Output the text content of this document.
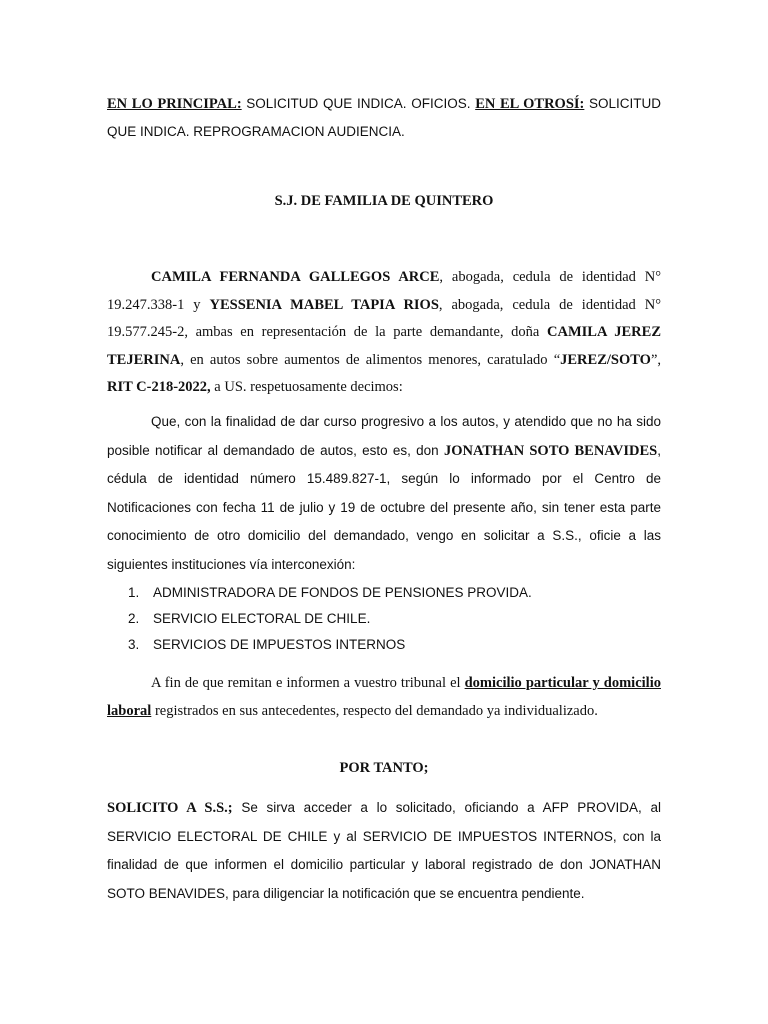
EN LO PRINCIPAL: SOLICITUD QUE INDICA. OFICIOS. EN EL OTROSÍ: SOLICITUD QUE INDICA. REPROGRAMACION AUDIENCIA.

S.J. DE FAMILIA DE QUINTERO

CAMILA FERNANDA GALLEGOS ARCE, abogada, cedula de identidad N° 19.247.338-1 y YESSENIA MABEL TAPIA RIOS, abogada, cedula de identidad N° 19.577.245-2, ambas en representación de la parte demandante, doña CAMILA JEREZ TEJERINA, en autos sobre aumentos de alimentos menores, caratulado “JEREZ/SOTO”, RIT C-218-2022, a US. respetuosamente decimos:

Que, con la finalidad de dar curso progresivo a los autos, y atendido que no ha sido posible notificar al demandado de autos, esto es, don JONATHAN SOTO BENAVIDES, cédula de identidad número 15.489.827-1, según lo informado por el Centro de Notificaciones con fecha 11 de julio y 19 de octubre del presente año, sin tener esta parte conocimiento de otro domicilio del demandado, vengo en solicitar a S.S., oficie a las siguientes instituciones vía interconexión:

1. ADMINISTRADORA DE FONDOS DE PENSIONES PROVIDA.
2. SERVICIO ELECTORAL DE CHILE.
3. SERVICIOS DE IMPUESTOS INTERNOS

A fin de que remitan e informen a vuestro tribunal el domicilio particular y domicilio laboral registrados en sus antecedentes, respecto del demandado ya individualizado.

POR TANTO;

SOLICITO A S.S.; Se sirva acceder a lo solicitado, oficiando a AFP PROVIDA, al SERVICIO ELECTORAL DE CHILE y al SERVICIO DE IMPUESTOS INTERNOS, con la finalidad de que informen el domicilio particular y laboral registrado de don JONATHAN SOTO BENAVIDES, para diligenciar la notificación que se encuentra pendiente.
